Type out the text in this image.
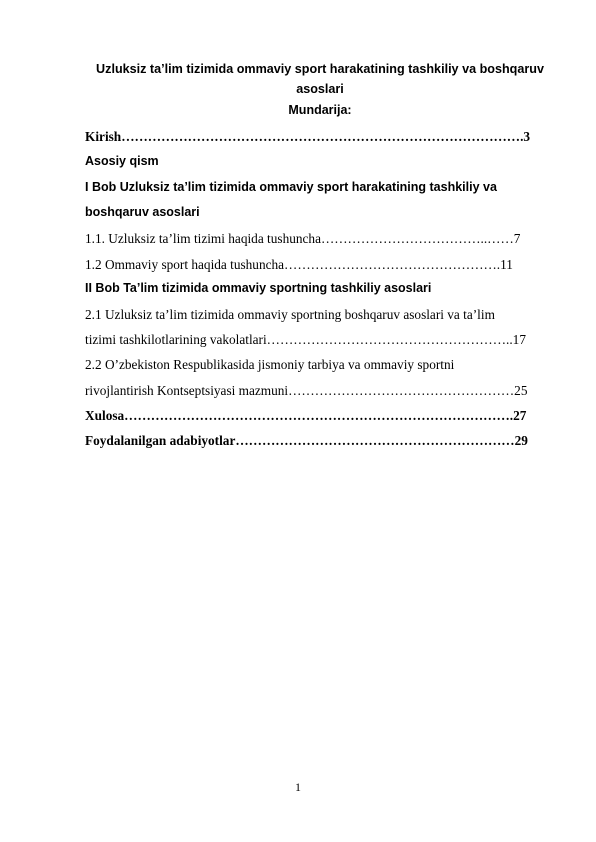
Uzluksiz ta’lim tizimida ommaviy sport harakatining tashkiliy va boshqaruv
asoslari
Mundarija:
Kirish……………………………………………………………………………….3
Asosiy qism
I Bob Uzluksiz ta’lim tizimida ommaviy sport harakatining tashkiliy va
boshqaruv asoslari
1.1. Uzluksiz ta’lim tizimi haqida tushuncha………………………………..……7
1.2 Ommaviy sport haqida tushuncha………………………………………….11
II Bob Ta’lim tizimida ommaviy sportning tashkiliy asoslari
2.1 Uzluksiz ta’lim tizimida ommaviy sportning boshqaruv asoslari va ta’lim
tizimi tashkilotlarining vakolatlari………………………………………………..17
2.2 O’zbekiston Respublikasida jismoniy tarbiya va ommaviy sportni
rivojlantirish Kontseptsiyasi mazmuni……………………………………………25
Xulosa…………………………………………………………………………….27
Foydalanilgan adabiyotlar………………………………………………………29
1
